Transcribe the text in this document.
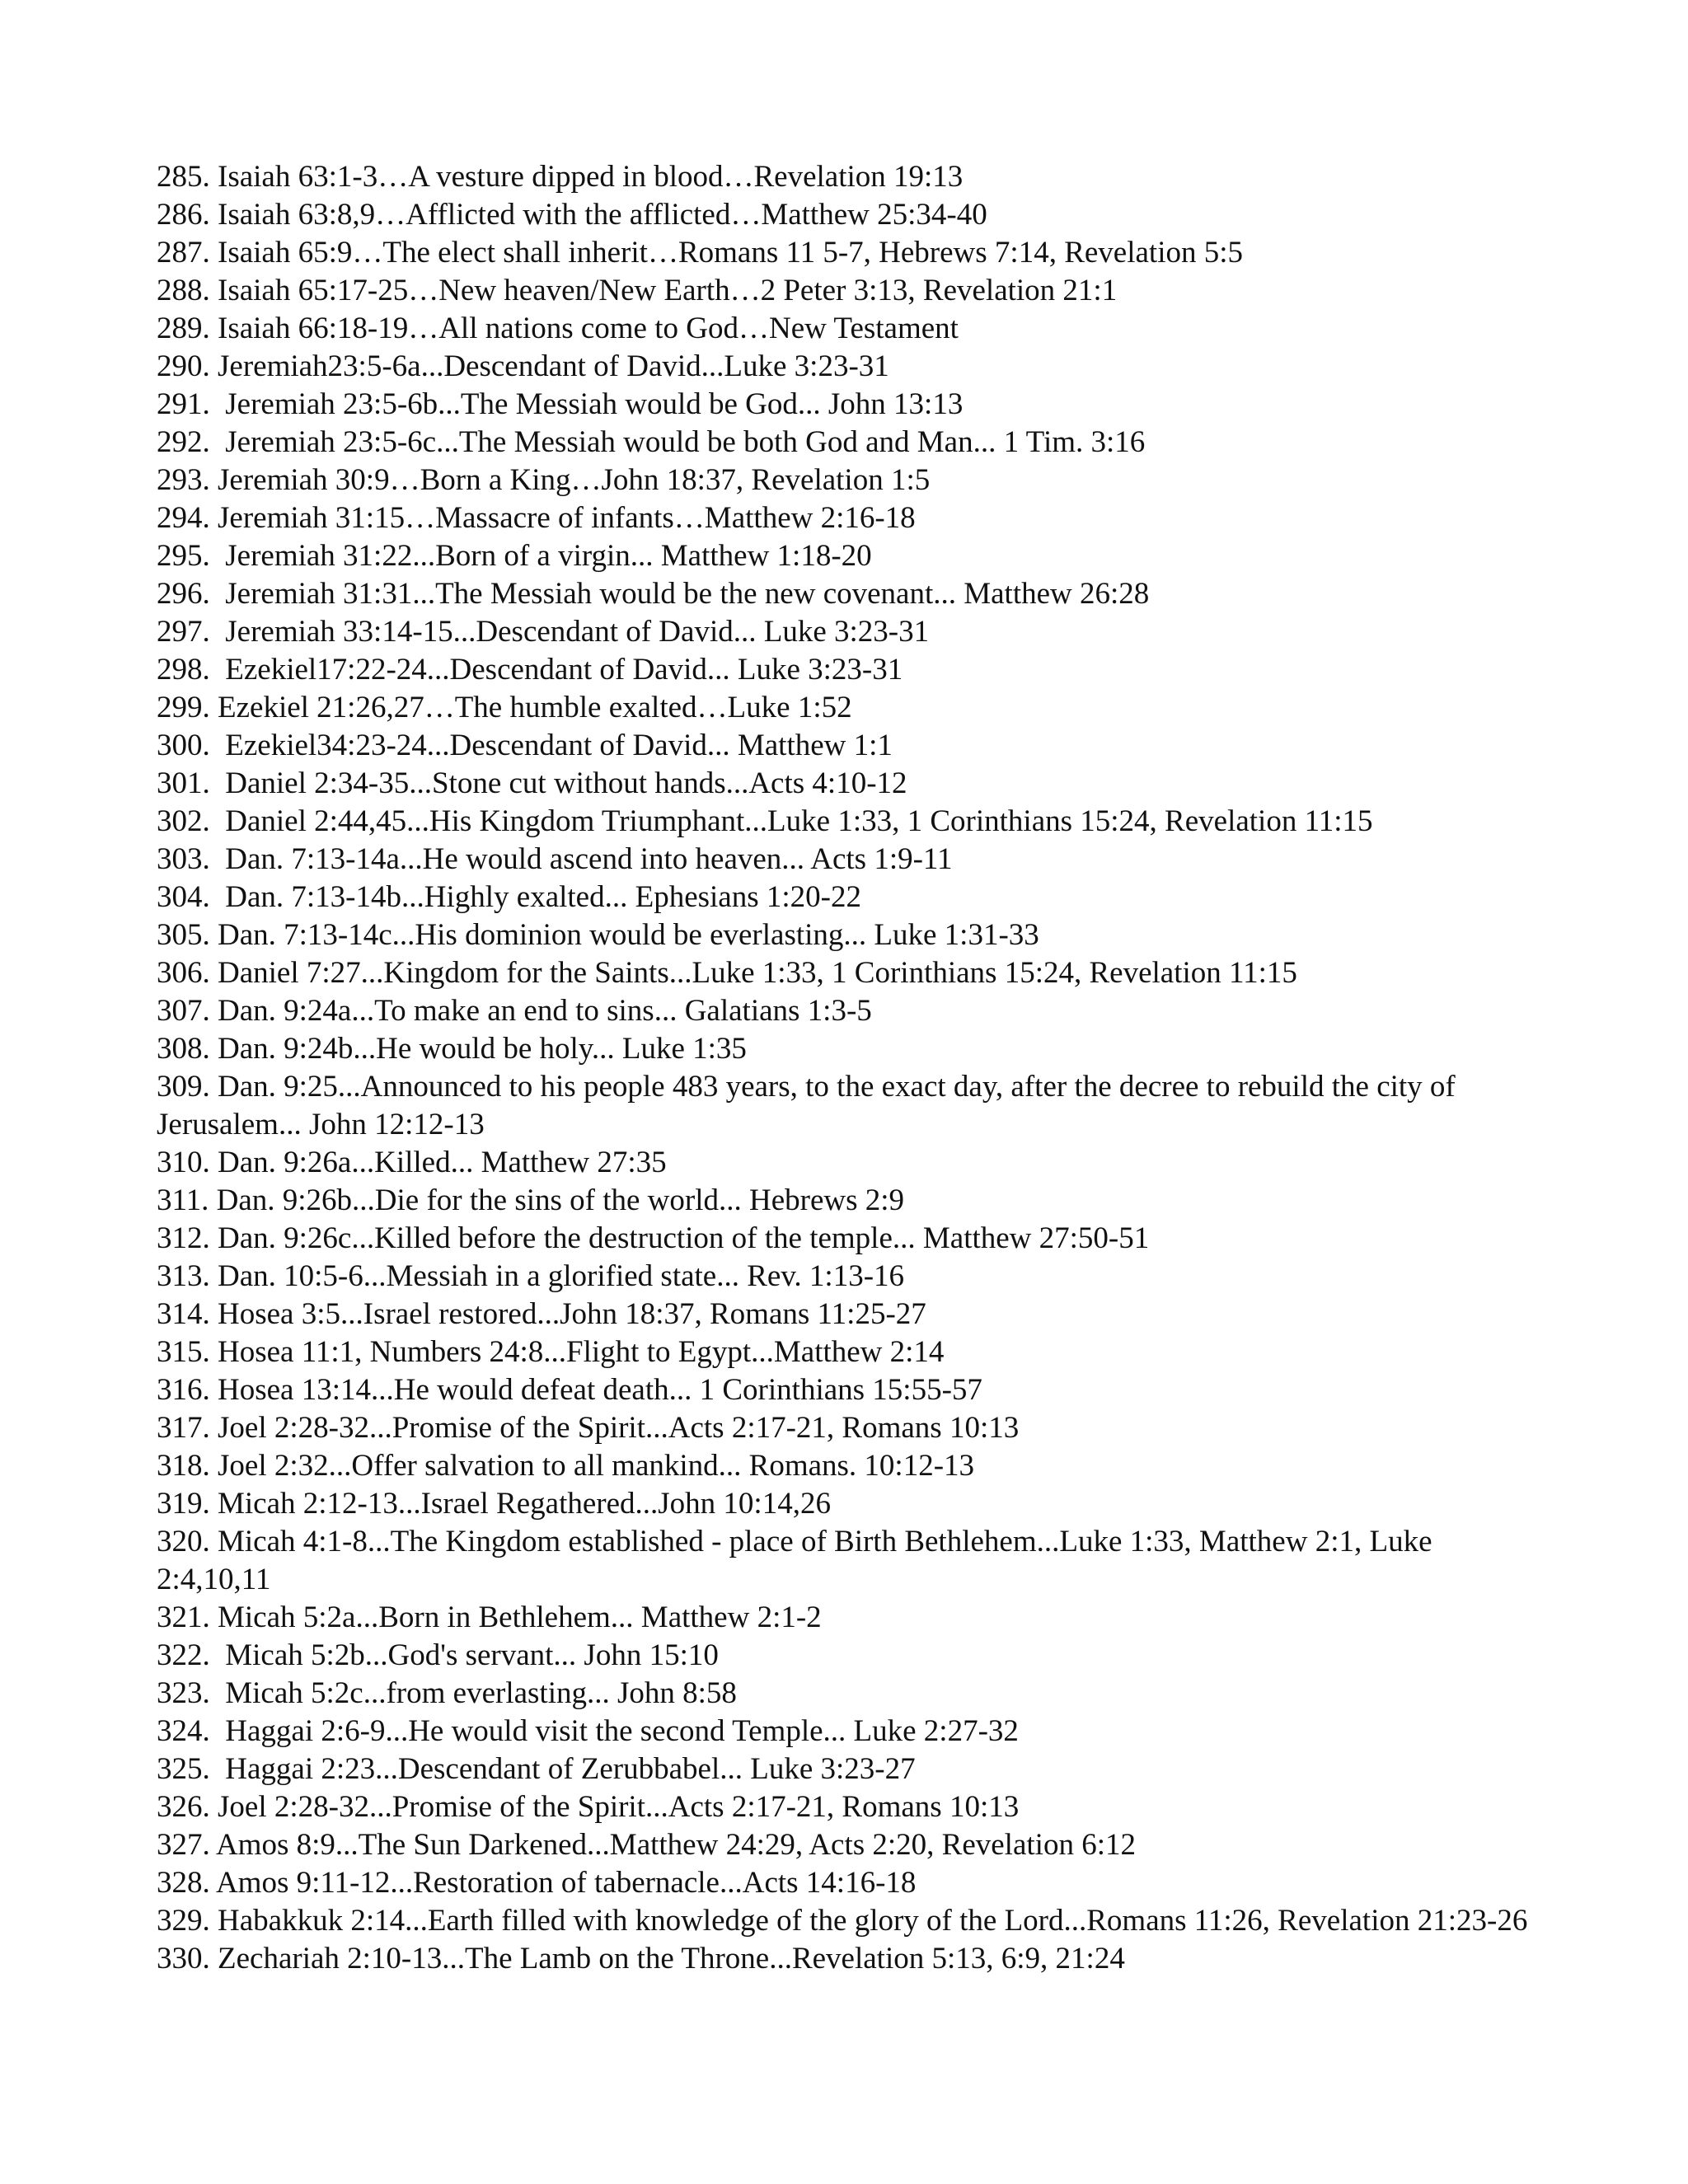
285. Isaiah 63:1-3…A vesture dipped in blood…Revelation 19:13
286. Isaiah 63:8,9…Afflicted with the afflicted…Matthew 25:34-40
287. Isaiah 65:9…The elect shall inherit…Romans 11 5-7, Hebrews 7:14, Revelation 5:5
288. Isaiah 65:17-25…New heaven/New Earth…2 Peter 3:13, Revelation 21:1
289. Isaiah 66:18-19…All nations come to God…New Testament
290. Jeremiah23:5-6a...Descendant of David...Luke 3:23-31
291.  Jeremiah 23:5-6b...The Messiah would be God... John 13:13
292.  Jeremiah 23:5-6c...The Messiah would be both God and Man... 1 Tim. 3:16
293. Jeremiah 30:9…Born a King…John 18:37, Revelation 1:5
294. Jeremiah 31:15…Massacre of infants…Matthew 2:16-18
295.  Jeremiah 31:22...Born of a virgin... Matthew 1:18-20
296.  Jeremiah 31:31...The Messiah would be the new covenant... Matthew 26:28
297.  Jeremiah 33:14-15...Descendant of David... Luke 3:23-31
298.  Ezekiel17:22-24...Descendant of David... Luke 3:23-31
299. Ezekiel 21:26,27…The humble exalted…Luke 1:52
300.  Ezekiel34:23-24...Descendant of David... Matthew 1:1
301.  Daniel 2:34-35...Stone cut without hands...Acts 4:10-12
302.  Daniel 2:44,45...His Kingdom Triumphant...Luke 1:33, 1 Corinthians 15:24, Revelation 11:15
303.  Dan. 7:13-14a...He would ascend into heaven... Acts 1:9-11
304.  Dan. 7:13-14b...Highly exalted... Ephesians 1:20-22
305. Dan. 7:13-14c...His dominion would be everlasting... Luke 1:31-33
306. Daniel 7:27...Kingdom for the Saints...Luke 1:33, 1 Corinthians 15:24, Revelation 11:15
307. Dan. 9:24a...To make an end to sins... Galatians 1:3-5
308. Dan. 9:24b...He would be holy... Luke 1:35
309. Dan. 9:25...Announced to his people 483 years, to the exact day, after the decree to rebuild the city of Jerusalem... John 12:12-13
310. Dan. 9:26a...Killed... Matthew 27:35
311. Dan. 9:26b...Die for the sins of the world... Hebrews 2:9
312. Dan. 9:26c...Killed before the destruction of the temple... Matthew 27:50-51
313. Dan. 10:5-6...Messiah in a glorified state... Rev. 1:13-16
314. Hosea 3:5...Israel restored...John 18:37, Romans 11:25-27
315. Hosea 11:1, Numbers 24:8...Flight to Egypt...Matthew 2:14
316. Hosea 13:14...He would defeat death... 1 Corinthians 15:55-57
317. Joel 2:28-32...Promise of the Spirit...Acts 2:17-21, Romans 10:13
318. Joel 2:32...Offer salvation to all mankind... Romans. 10:12-13
319. Micah 2:12-13...Israel Regathered...John 10:14,26
320. Micah 4:1-8...The Kingdom established - place of Birth Bethlehem...Luke 1:33, Matthew 2:1, Luke 2:4,10,11
321. Micah 5:2a...Born in Bethlehem... Matthew 2:1-2
322.  Micah 5:2b...God's servant... John 15:10
323.  Micah 5:2c...from everlasting... John 8:58
324.  Haggai 2:6-9...He would visit the second Temple... Luke 2:27-32
325.  Haggai 2:23...Descendant of Zerubbabel... Luke 3:23-27
326. Joel 2:28-32...Promise of the Spirit...Acts 2:17-21, Romans 10:13
327. Amos 8:9...The Sun Darkened...Matthew 24:29, Acts 2:20, Revelation 6:12
328. Amos 9:11-12...Restoration of tabernacle...Acts 14:16-18
329. Habakkuk 2:14...Earth filled with knowledge of the glory of the Lord...Romans 11:26, Revelation 21:23-26
330. Zechariah 2:10-13...The Lamb on the Throne...Revelation 5:13, 6:9, 21:24
